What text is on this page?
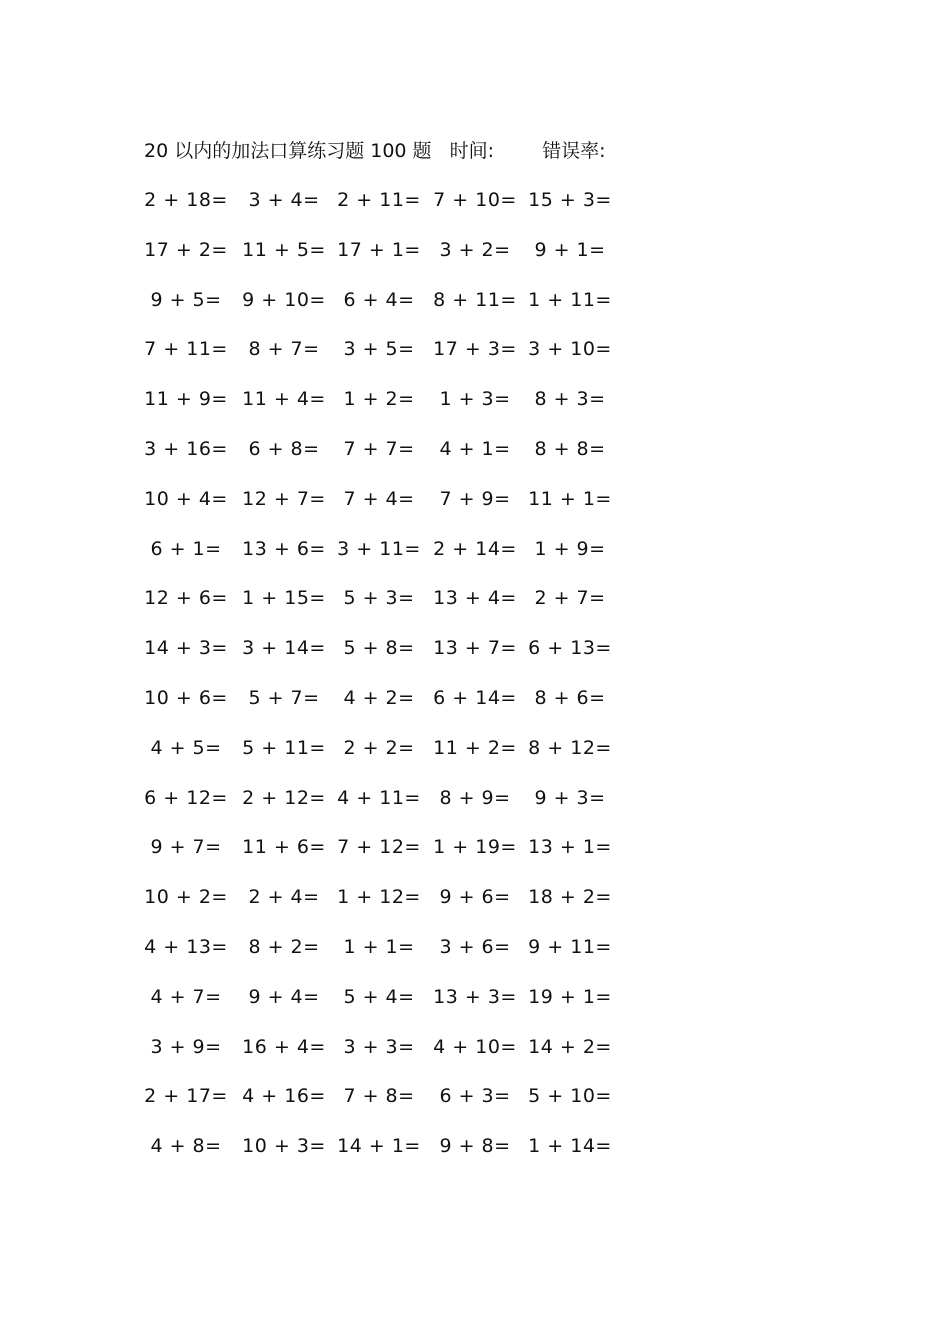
20 以内的加法口算练习题 100 题 时间:	错误率:
2 + 18=	3 + 4= 2 + 11= 7 + 10= 15 + 3=
17 + 2= 11 + 5= 17 + 1= 3 + 2=	9 + 1=
9 + 5=	9 + 10= 6 + 4= 8 + 11= 1 + 11=
7 + 11=	8 + 7=	3 + 5= 17 + 3= 3 + 10=
11 + 9= 11 + 4= 1 + 2=	1 + 3=	8 + 3=
3 + 16=	6 + 8=	7 + 7=	4 + 1=	8 + 8=
10 + 4= 12 + 7= 7 + 4=	7 + 9= 11 + 1=
6 + 1=	13 + 6= 3 + 11= 2 + 14= 1 + 9=
12 + 6= 1 + 15= 5 + 3= 13 + 4= 2 + 7=
14 + 3= 3 + 14= 5 + 8= 13 + 7= 6 + 13=
10 + 6=	5 + 7=	4 + 2= 6 + 14= 8 + 6=
4 + 5=	5 + 11= 2 + 2= 11 + 2= 8 + 12=
6 + 12= 2 + 12= 4 + 11= 8 + 9=	9 + 3=
9 + 7=	11 + 6= 7 + 12= 1 + 19= 13 + 1=
10 + 2=	2 + 4= 1 + 12= 9 + 6= 18 + 2=
4 + 13=	8 + 2=	1 + 1=	3 + 6= 9 + 11=
4 + 7=	9 + 4=	5 + 4= 13 + 3= 19 + 1=
3 + 9=	16 + 4= 3 + 3= 4 + 10= 14 + 2=
2 + 17= 4 + 16= 7 + 8=	6 + 3= 5 + 10=
4 + 8=	10 + 3= 14 + 1= 9 + 8= 1 + 14=
